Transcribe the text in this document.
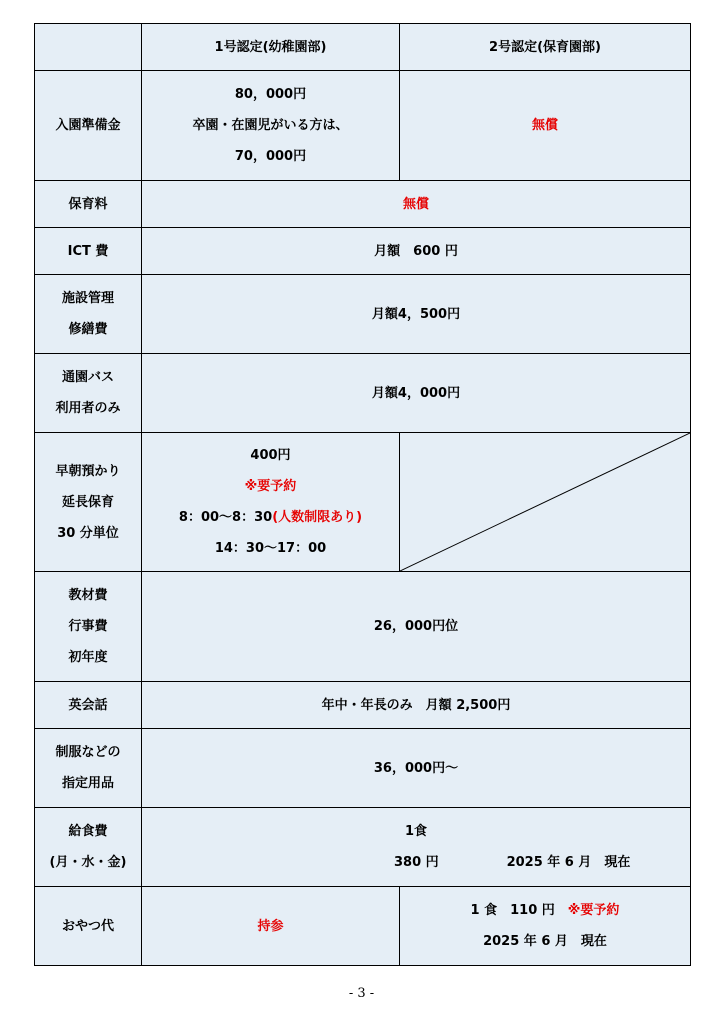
	1号認定(幼稚園部)	2号認定(保育園部)
入園準備金	80，000円
卒園・在園児がいる方は、
70，000円	無償
保育料	無償	
ICT 費	月額　600 円	

施設管理
修繕費	月額4，500円	

通園バス
利用者のみ	月額4，000円	

早朝預かり
延長保育
30 分単位	400円
※要予約
8：00～8：30(人数制限あり)
14：30～17：00

教材費
行事費
初年度	26，000円位	
英会話	年中・年長のみ　月額 2,500円	

制服などの
指定用品	36，000円～	

給食費
(月・水・金)	1食
380 円 2025 年 6 月　現在	

おやつ代	持参	1 食　110 円　 ※要予約
2025 年 6 月　現在
- 3 -
